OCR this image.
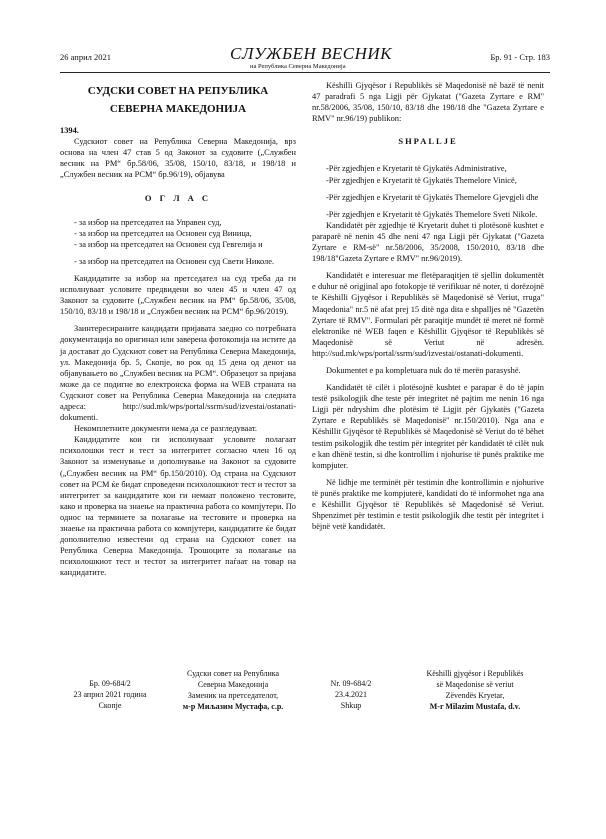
26 април 2021	СЛУЖБЕН ВЕСНИК
на Република Северна Македонија
Бр. 91 - Стр. 183
СУДСКИ СОВЕТ НА РЕПУБЛИКА
СЕВЕРНА МАКЕДОНИЈА

1394.

Судскиот совет на Република Северна Македонија, врз основа на член 47 став 5 од Законот за судовите („Службен весник на РМ“ бр.58/06, 35/08, 150/10, 83/18, и 198/18 и „Службен весник на РСМ“ бр.96/19), објавува

О Г Л А С

- за избор на претседател на Управен суд,

- за избор на претседател на Основен суд Виница,

- за избор на претседател на Основен суд Гевгелија и

- за избор на претседател на Основен суд Свети Николе.

Кандидатите за избор на претседател на суд треба да ги исполнуваат условите предвидени во член 45 и член 47 од Законот за судовите („Службен весник на РМ“ бр.58/06, 35/08, 150/10, 83/18 и 198/18 и „Службен весник на РСМ“ бр.96/2019).

Заинтересираните кандидати пријавата заедно со потребната документација во оригинал или заверена фотокопија на истите да ја достават до Судскиот совет на Република Северна Македонија, ул. Македонија бр. 5, Скопје, во рок од 15 дена од денот на објавувањето во „Службен весник на РСМ“. Образецот за пријава може да се подигне во електронска форма на WEB страната на Судскиот совет на Република Северна Македонија на следната адреса: http://sud.mk/wps/portal/ssrm/sud/izvestai/ostanati-dokumenti.

Некомплетните документи нема да се разгледуваат.

Кандидатите кои ги исполнуваат условите полагаат психолошки тест и тест за интегритет согласно член 16 од Законот за изменување и дополнување на Законот за судовите („Службен весник на РМ“ бр.150/2010). Од страна на Судскиот совет на РСМ ќе бидат спроведени психолошкиот тест и тестот за интегритет за кандидатите кои ги немаат положено тестовите, како и проверка на знаење на практична работа со компјутери. По однос на терминете за полагање на тестовите и проверка на знаење на практична работа со компјутери, кандидатите ќе бидат дополнително известени од страна на Судскиот совет на Република Северна Македонија. Трошоците за полагање на психолошкиот тест и тестот за интегритет паѓаат на товар на кандидатите.

Këshilli Gjyqësor i Republikës së Maqedonisë në bazë të nenit 47 paradrafi 5 nga Ligji për Gjykatat ("Gazeta Zyrtare e RM" nr.58/2006, 35/08, 150/10, 83/18 dhe 198/18 dhe "Gazeta Zyrtare e RMV" nr.96/19) publikon:

SHPALLJE

-Për zgjedhjen e Kryetarit të Gjykatës Administrative,

-Për zgjedhjen e Kryetarit të Gjykatës Themelore Vinicë,

-Për zgjedhjen e Kryetarit të Gjykatës Themelore Gjevgjeli dhe

-Për zgjedhjen e Kryetarit të Gjykatës Themelore Sveti Nikole.

Kandidatët për zgjedhje të Kryetarit duhet ti plotësonë kushtet e paraparë në nenin 45 dhe neni 47 nga Ligji për Gjykatat ("Gazeta Zyrtare e RM-së" nr.58/2006, 35/2008, 150/2010, 83/18 dhe 198/18"Gazeta Zyrtare e RMV" nr.96/2019).

Kandidatët e interesuar me fletëparaqitjen të sjellin dokumentët e duhur në origjinal apo fotokopje të verifikuar në noter, ti dorëzojnë te Këshilli Gjyqësor i Republikës së Maqedonisë së Veriut, rruga" Maqedonia" nr.5 në afat prej 15 ditë nga dita e shpalljes në "Gazetën Zyrtare të RMV". Formulari për paraqitje mundët të meret në formë elektronike në WEB faqen e Këshillit Gjyqësor të Republikës së Maqedonisë së Veriut në adresën. http://sud.mk/wps/portal/ssrm/sud/izvestai/ostanati-dokumenti.

Dokumentet e pa kompletuara nuk do të merën parasyshë.

Kandidatët të cilët i plotësojnë kushtet e parapar ë do të japin testë psikologjik dhe teste për integritet në pajtim me nenin 16 nga Ligji për ndryshim dhe plotësim të Ligjit për Gjykatës ("Gazeta Zyrtare e Republikës së Maqedonisë" nr.150/2010). Nga ana e Këshillit Gjyqësor të Republikës së Maqedonisë së Veriut do të bëhet testim psikologjik dhe testim për integritet për kandidatët të cilët nuk e kan dhënë testin, si dhe kontrollim i njohurise të punës praktike me kompjuter.

Në lidhje me terminët për testimin dhe kontrollimin e njohurive të punës praktike me kompjuterë, kandidati do të informohet nga ana e Këshillit Gjyqësor të Republikës së Maqedonisë së Veriut. Shpenzimet për testimin e testit psikologjik dhe testit për integritet i bëjnë vetë kandidatët.

Бр. 09-684/2
23 април 2021 година
Скопје
Судски совет на Република
Северна Македонија
Заменик на претседателот,
м-р Миљазим Мустафа, с.р.
Nr. 09-684/2
23.4.2021
Shkup
Këshilli gjyqësor i Republikës
së Maqedonise së veriut
Zëvendës Kryetar,
M-r Milazim Mustafa, d.v.
